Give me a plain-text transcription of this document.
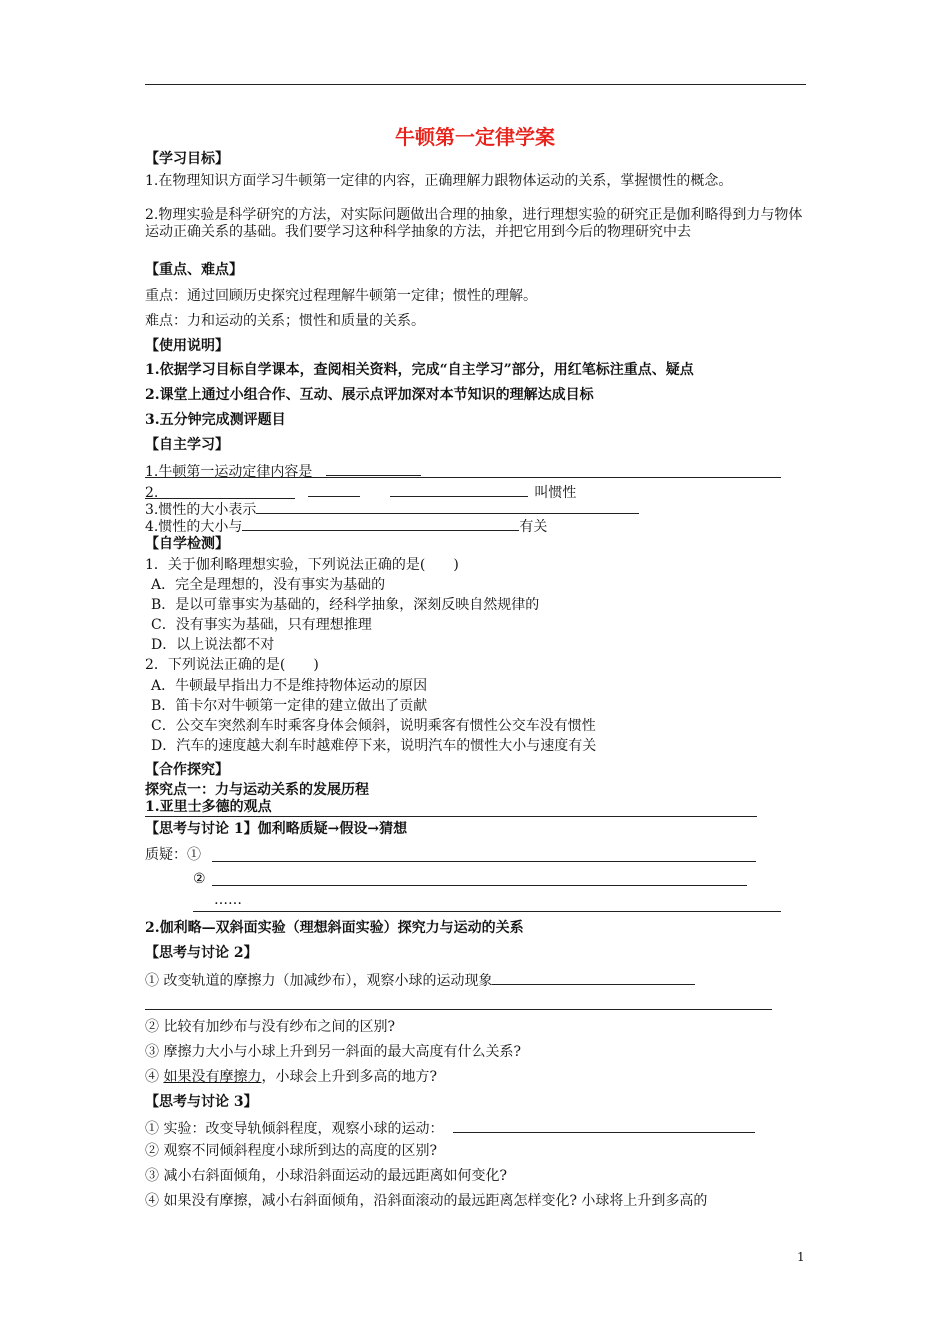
牛顿第一定律学案
【学习目标】
1.在物理知识方面学习牛顿第一定律的内容，正确理解力跟物体运动的关系，掌握惯性的概念。
2.物理实验是科学研究的方法，对实际问题做出合理的抽象，进行理想实验的研究正是伽利略得到力与物体运动正确关系的基础。我们要学习这种科学抽象的方法，并把它用到今后的物理研究中去
【重点、难点】
重点：通过回顾历史探究过程理解牛顿第一定律；惯性的理解。
难点：力和运动的关系；惯性和质量的关系。
【使用说明】
1.依据学习目标自学课本，查阅相关资料，完成“自主学习”部分，用红笔标注重点、疑点
2.课堂上通过小组合作、互动、展示点评加深对本节知识的理解达成目标
3.五分钟完成测评题目
【自主学习】
1.牛顿第一运动定律内容是
2.	叫惯性
3.惯性的大小表示
4.惯性的大小与	有关
【自学检测】
1．关于伽利略理想实验，下列说法正确的是(　　)
A．完全是理想的，没有事实为基础的
B．是以可靠事实为基础的，经科学抽象，深刻反映自然规律的
C．没有事实为基础，只有理想推理
D．以上说法都不对
2．下列说法正确的是(　　)
A．牛顿最早指出力不是维持物体运动的原因
B．笛卡尔对牛顿第一定律的建立做出了贡献
C．公交车突然刹车时乘客身体会倾斜，说明乘客有惯性公交车没有惯性
D．汽车的速度越大刹车时越难停下来，说明汽车的惯性大小与速度有关
【合作探究】
探究点一：力与运动关系的发展历程
1.亚里士多德的观点
【思考与讨论 1】伽利略质疑→假设→猜想
质疑：①
②
……
2.伽利略—双斜面实验（理想斜面实验）探究力与运动的关系
【思考与讨论 2】
① 改变轨道的摩擦力（加减纱布），观察小球的运动现象
② 比较有加纱布与没有纱布之间的区别?
③ 摩擦力大小与小球上升到另一斜面的最大高度有什么关系?
④ 如果没有摩擦力，小球会上升到多高的地方?
【思考与讨论 3】
① 实验：改变导轨倾斜程度，观察小球的运动：
② 观察不同倾斜程度小球所到达的高度的区别?
③ 减小右斜面倾角，小球沿斜面运动的最远距离如何变化?
④ 如果没有摩擦，减小右斜面倾角，沿斜面滚动的最远距离怎样变化? 小球将上升到多高的
1
